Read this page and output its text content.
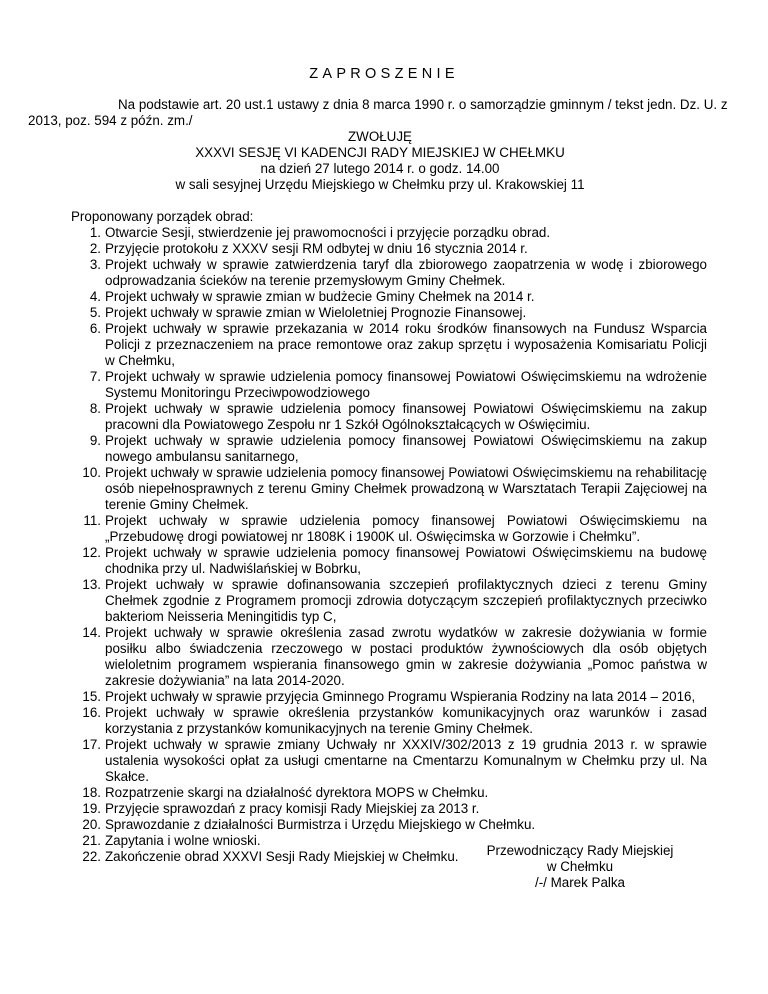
ZAPROSZENIE

Na podstawie art. 20 ust.1 ustawy z dnia 8 marca 1990 r. o samorządzie gminnym / tekst jedn. Dz. U. z 2013, poz. 594 z późn. zm./

ZWOŁUJĘ
XXXVI SESJĘ VI KADENCJI RADY MIEJSKIEJ W CHEŁMKU
na dzień 27 lutego 2014 r. o godz. 14.00
w sali sesyjnej Urzędu Miejskiego w Chełmku przy ul. Krakowskiej 11
Proponowany porządek obrad:
1. Otwarcie Sesji, stwierdzenie jej prawomocności i przyjęcie porządku obrad.
2. Przyjęcie protokołu z XXXV sesji RM odbytej w dniu 16 stycznia 2014 r.
3. Projekt uchwały w sprawie zatwierdzenia taryf dla zbiorowego zaopatrzenia w wodę i zbiorowego odprowadzania ścieków na terenie przemysłowym Gminy Chełmek.
4. Projekt uchwały w sprawie zmian w budżecie Gminy Chełmek na 2014 r.
5. Projekt uchwały w sprawie zmian w Wieloletniej Prognozie Finansowej.
6. Projekt uchwały w sprawie przekazania w 2014 roku środków finansowych na Fundusz Wsparcia Policji z przeznaczeniem na prace remontowe oraz zakup sprzętu i wyposażenia Komisariatu Policji w Chełmku,
7. Projekt uchwały w sprawie udzielenia pomocy finansowej Powiatowi Oświęcimskiemu na wdrożenie Systemu Monitoringu Przeciwpowodziowego
8. Projekt uchwały w sprawie udzielenia pomocy finansowej Powiatowi Oświęcimskiemu na zakup pracowni dla Powiatowego Zespołu nr 1 Szkół Ogólnokształcących w Oświęcimiu.
9. Projekt uchwały w sprawie udzielenia pomocy finansowej Powiatowi Oświęcimskiemu na zakup nowego ambulansu sanitarnego,
10. Projekt uchwały w sprawie udzielenia pomocy finansowej Powiatowi Oświęcimskiemu na rehabilitację osób niepełnosprawnych z terenu Gminy Chełmek prowadzoną w Warsztatach Terapii Zajęciowej na terenie Gminy Chełmek.
11. Projekt uchwały w sprawie udzielenia pomocy finansowej Powiatowi Oświęcimskiemu na „Przebudowę drogi powiatowej nr 1808K i 1900K ul. Oświęcimska w Gorzowie i Chełmku”.
12. Projekt uchwały w sprawie udzielenia pomocy finansowej Powiatowi Oświęcimskiemu na budowę chodnika przy ul. Nadwiślańskiej w Bobrku,
13. Projekt uchwały w sprawie dofinansowania szczepień profilaktycznych dzieci z terenu Gminy Chełmek zgodnie z Programem promocji zdrowia dotyczącym szczepień profilaktycznych przeciwko bakteriom Neisseria Meningitidis typ C,
14. Projekt uchwały w sprawie określenia zasad zwrotu wydatków w zakresie dożywiania w formie posiłku albo świadczenia rzeczowego w postaci produktów żywnościowych dla osób objętych wieloletnim programem wspierania finansowego gmin w zakresie dożywiania „Pomoc państwa w zakresie dożywiania” na lata 2014-2020.
15. Projekt uchwały w sprawie przyjęcia Gminnego Programu Wspierania Rodziny na lata 2014 – 2016,
16. Projekt uchwały w sprawie określenia przystanków komunikacyjnych oraz warunków i zasad korzystania z przystanków komunikacyjnych na terenie Gminy Chełmek.
17. Projekt uchwały w sprawie zmiany Uchwały nr XXXIV/302/2013 z 19 grudnia 2013 r. w sprawie ustalenia wysokości opłat za usługi cmentarne na Cmentarzu Komunalnym w Chełmku przy ul. Na Skałce.
18. Rozpatrzenie skargi na działalność dyrektora MOPS w Chełmku.
19. Przyjęcie sprawozdań z pracy komisji Rady Miejskiej za 2013 r.
20. Sprawozdanie z działalności Burmistrza i Urzędu Miejskiego w Chełmku.
21. Zapytania i wolne wnioski.
22. Zakończenie obrad XXXVI Sesji Rady Miejskiej w Chełmku.	Przewodniczący Rady Miejskiej
w Chełmku
/-/ Marek Palka
